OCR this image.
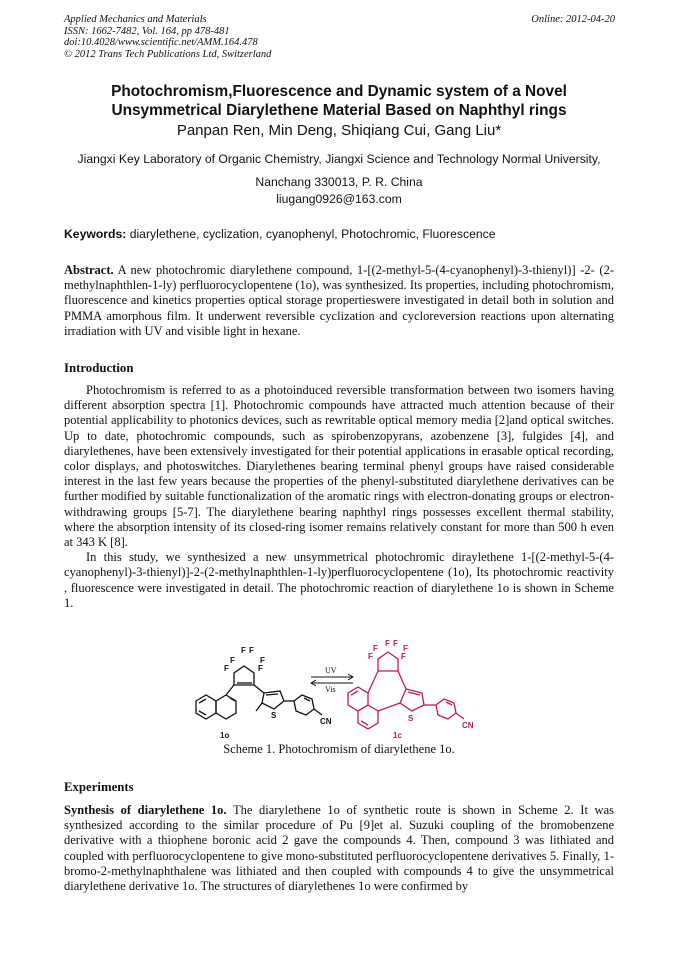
Applied Mechanics and Materials
ISSN: 1662-7482, Vol. 164, pp 478-481
doi:10.4028/www.scientific.net/AMM.164.478
© 2012 Trans Tech Publications Ltd, Switzerland
Online: 2012-04-20
Photochromism,Fluorescence and Dynamic system of a Novel
Unsymmetrical Diarylethene Material Based on Naphthyl rings
Panpan Ren, Min Deng, Shiqiang Cui, Gang Liu*
Jiangxi Key Laboratory of Organic Chemistry, Jiangxi Science and Technology Normal University,
Nanchang 330013, P. R. China
liugang0926@163.com
Keywords: diarylethene, cyclization, cyanophenyl, Photochromic, Fluorescence
Abstract. A new photochromic diarylethene compound, 1-[(2-methyl-5-(4-cyanophenyl)-3-thienyl)] -2- (2-methylnaphthlen-1-ly) perfluorocyclopentene (1o), was synthesized. Its properties, including photochromism, fluorescence and kinetics properties optical storage propertieswere investigated in detail both in solution and PMMA amorphous film. It underwent reversible cyclization and cycloreversion reactions upon alternating irradiation with UV and visible light in hexane.
Introduction

Photochromism is referred to as a photoinduced reversible transformation between two isomers having different absorption spectra [1]. Photochromic compounds have attracted much attention because of their potential applicability to photonics devices, such as rewritable optical memory media [2]and optical switches. Up to date, photochromic compounds, such as spirobenzopyrans, azobenzene [3], fulgides [4], and diarylethenes, have been extensively investigated for their potential applications in erasable optical recording, color displays, and photoswitches. Diarylethenes bearing terminal phenyl groups have raised considerable interest in the last few years because the properties of the phenyl-substituted diarylethene derivatives can be further modified by suitable functionalization of the aromatic rings with electron-donating groups or electron-withdrawing groups [5-7]. The diarylethene bearing naphthyl rings possesses excellent thermal stability, where the absorption intensity of its closed-ring isomer remains relatively constant for more than 500 h even at 343 K [8].

In this study, we synthesized a new unsymmetrical photochromic diraylethene 1-[(2-methyl-5-(4-cyanophenyl)-3-thienyl)]-2-(2-methylnaphthlen-1-ly)perfluorocyclopentene (1o), Its photochromic reactivity , fluorescence were investigated in detail. The photochromic reaction of diarylethene 1o is shown in Scheme 1.

F F
F	F
F	F
S
CN
1o
UV
Vis
F F
F	F
F	F
S
CN
1c
Scheme 1. Photochromism of diarylethene 1o.
Experiments

Synthesis of diarylethene 1o. The diarylethene 1o of synthetic route is shown in Scheme 2. It was synthesized according to the similar procedure of Pu [9]et al. Suzuki coupling of the bromobenzene derivative with a thiophene boronic acid 2 gave the compounds 4. Then, compound 3 was lithiated and coupled with perfluorocyclopentene to give mono-substituted perfluorocyclopentene derivatives 5. Finally, 1-bromo-2-methylnaphthalene was lithiated and then coupled with compounds 4 to give the unsymmetrical diarylethene derivative 1o. The structures of diarylethenes 1o were confirmed by
